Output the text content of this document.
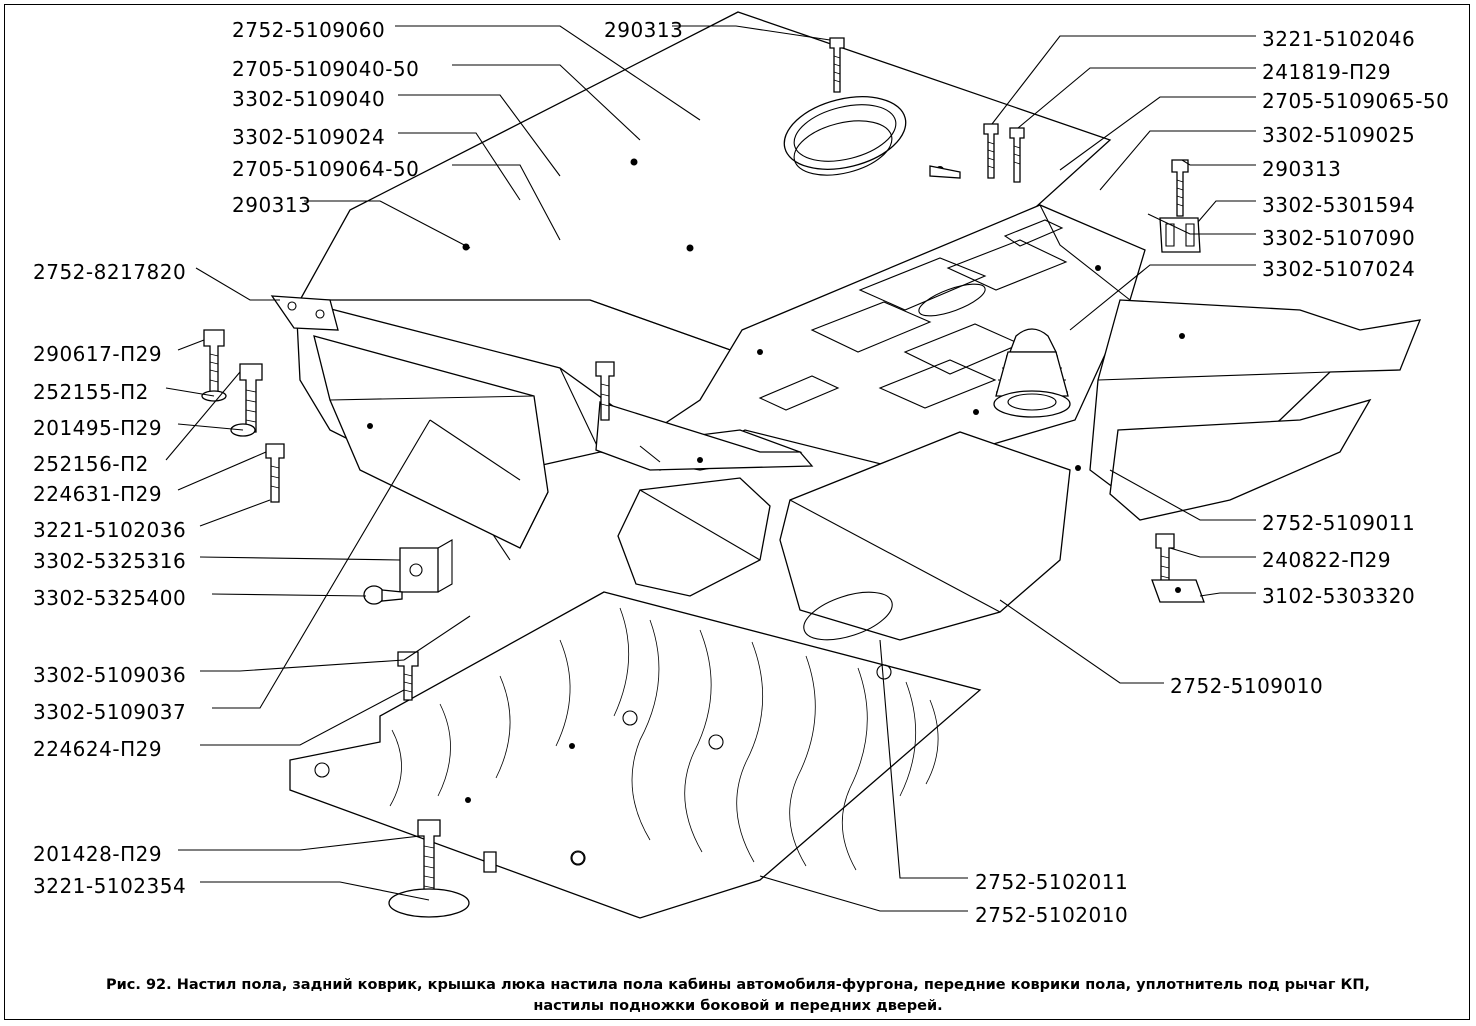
2752-5109060
2705-5109040-50
3302-5109040
3302-5109024
2705-5109064-50
290313
290313
2752-8217820
290617-П29
252155-П2
201495-П29
252156-П2
224631-П29
3221-5102036
3302-5325316
3302-5325400
3302-5109036
3302-5109037
224624-П29
201428-П29
3221-5102354
3221-5102046
241819-П29
2705-5109065-50
3302-5109025
290313
3302-5301594
3302-5107090
3302-5107024
2752-5109011
240822-П29
3102-5303320
2752-5109010
2752-5102011
2752-5102010
Рис. 92. Настил пола, задний коврик, крышка люка настила пола кабины автомобиля-фургона, передние коврики пола, уплотнитель под рычаг КП,
настилы подножки боковой и передних дверей.
